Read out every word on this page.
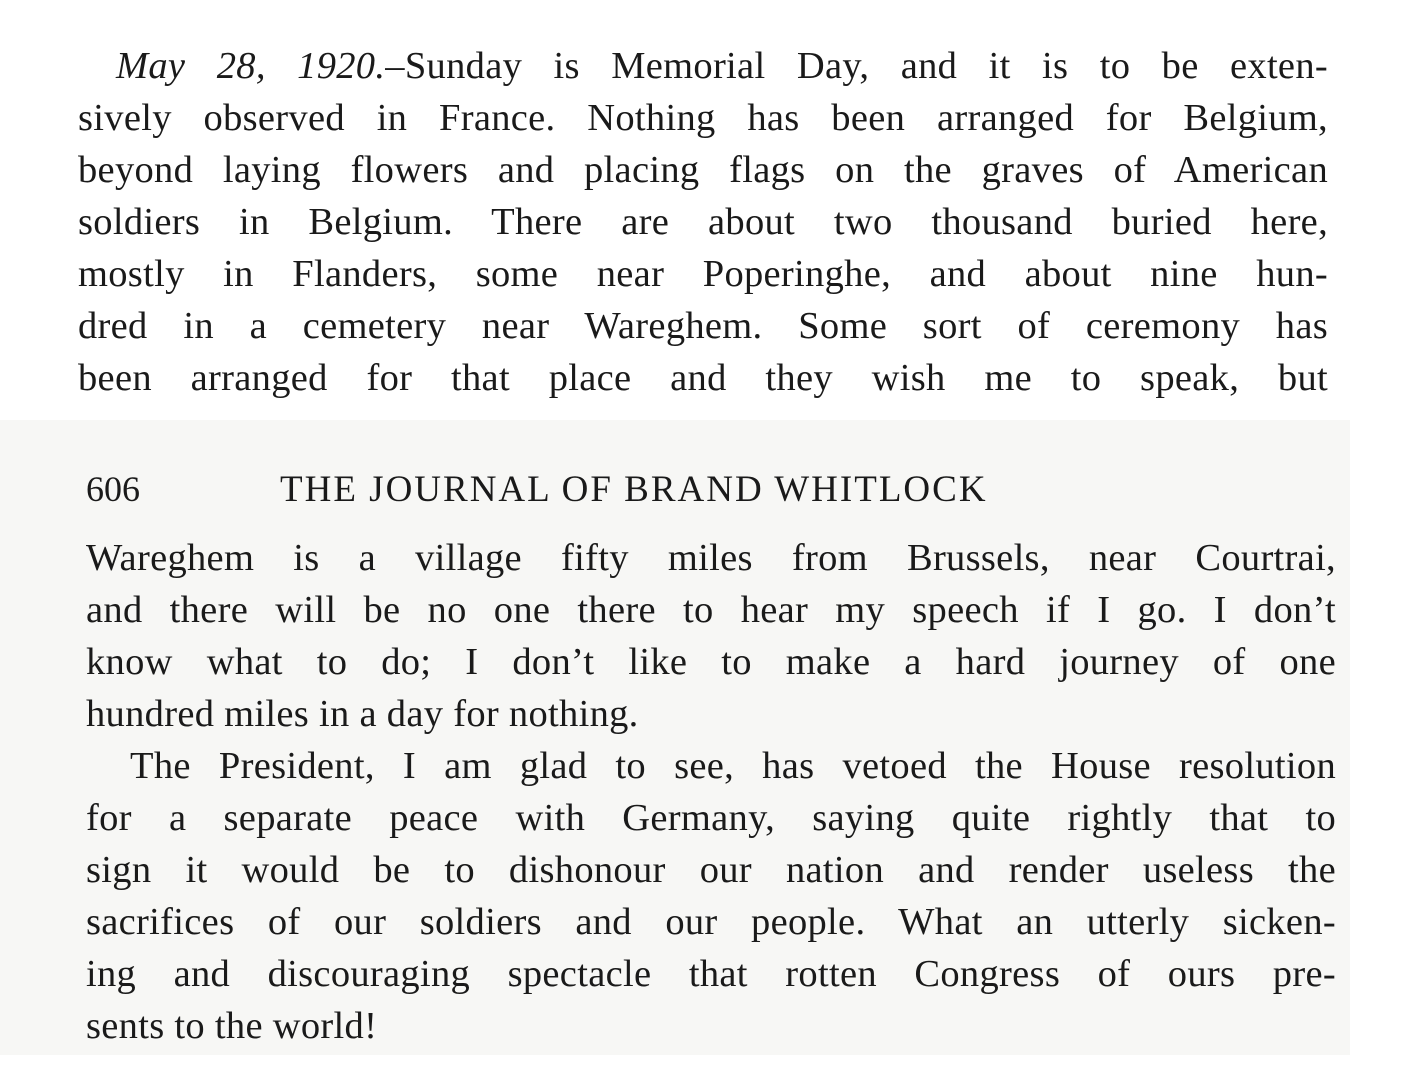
May 28, 1920.–Sunday is Memorial Day, and it is to be exten-
sively observed in France. Nothing has been arranged for Belgium,
beyond laying flowers and placing flags on the graves of American
soldiers in Belgium. There are about two thousand buried here,
mostly in Flanders, some near Poperinghe, and about nine hun-
dred in a cemetery near Wareghem. Some sort of ceremony has
been arranged for that place and they wish me to speak, but
606	THE JOURNAL OF BRAND WHITLOCK
Wareghem is a village fifty miles from Brussels, near Courtrai,
and there will be no one there to hear my speech if I go. I don’t
know what to do; I don’t like to make a hard journey of one
hundred miles in a day for nothing.
The President, I am glad to see, has vetoed the House resolution
for a separate peace with Germany, saying quite rightly that to
sign it would be to dishonour our nation and render useless the
sacrifices of our soldiers and our people. What an utterly sicken-
ing and discouraging spectacle that rotten Congress of ours pre-
sents to the world!
